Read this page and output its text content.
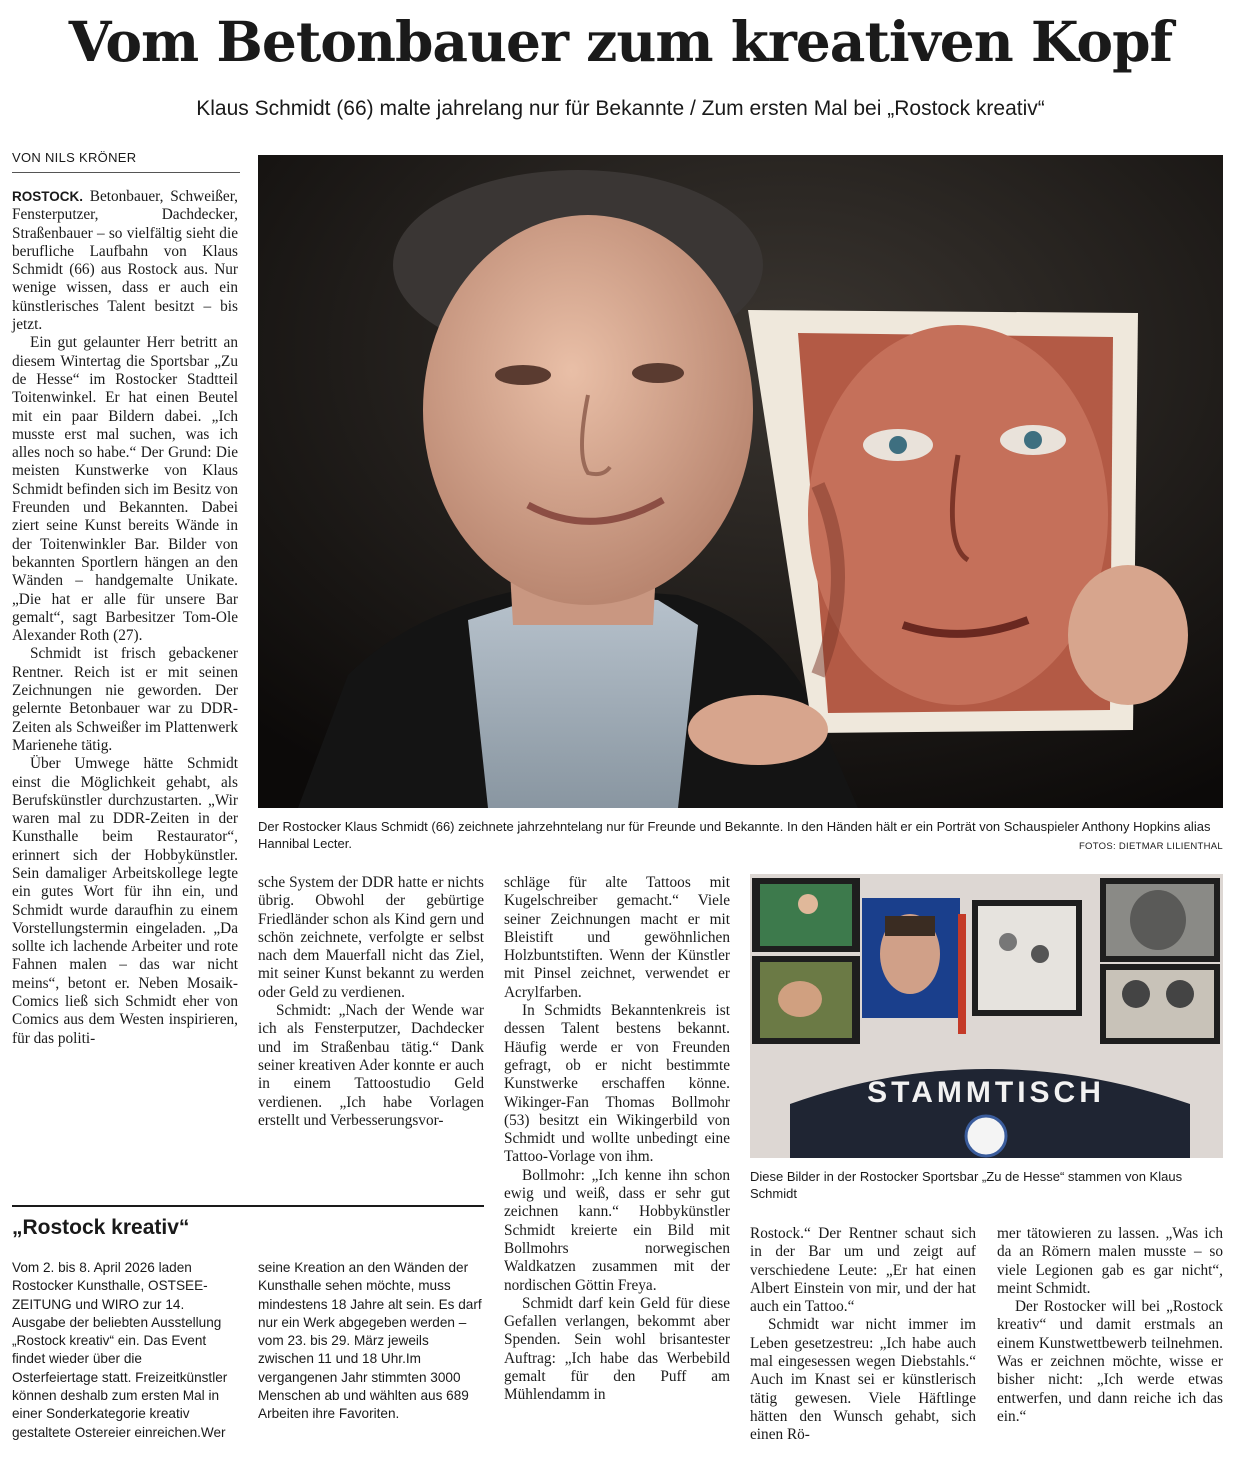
Vom Betonbauer zum kreativen Kopf
Klaus Schmidt (66) malte jahrelang nur für Bekannte / Zum ersten Mal bei „Rostock kreativ“
VON NILS KRÖNER

ROSTOCK. Betonbauer, Schweißer, Fensterputzer, Dachdecker, Straßenbauer – so vielfältig sieht die berufliche Laufbahn von Klaus Schmidt (66) aus Rostock aus. Nur wenige wissen, dass er auch ein künstlerisches Talent besitzt – bis jetzt.

Ein gut gelaunter Herr betritt an diesem Wintertag die Sportsbar „Zu de Hesse“ im Rostocker Stadtteil Toitenwinkel. Er hat einen Beutel mit ein paar Bildern dabei. „Ich musste erst mal suchen, was ich alles noch so habe.“ Der Grund: Die meisten Kunstwerke von Klaus Schmidt befinden sich im Besitz von Freunden und Bekannten. Dabei ziert seine Kunst bereits Wände in der Toitenwinkler Bar. Bilder von bekannten Sportlern hängen an den Wänden – handgemalte Unikate. „Die hat er alle für unsere Bar gemalt“, sagt Barbesitzer Tom-Ole Alexander Roth (27).

Schmidt ist frisch gebackener Rentner. Reich ist er mit seinen Zeichnungen nie geworden. Der gelernte Betonbauer war zu DDR-Zeiten als Schweißer im Plattenwerk Marienehe tätig.

Über Umwege hätte Schmidt einst die Möglichkeit gehabt, als Berufskünstler durchzustarten. „Wir waren mal zu DDR-Zeiten in der Kunsthalle beim Restaurator“, erinnert sich der Hobbykünstler. Sein damaliger Arbeitskollege legte ein gutes Wort für ihn ein, und Schmidt wurde daraufhin zu einem Vorstellungstermin eingeladen. „Da sollte ich lachende Arbeiter und rote Fahnen malen – das war nicht meins“, betont er. Neben Mosaik-Comics ließ sich Schmidt eher von Comics aus dem Westen inspirieren, für das politi-

Der Rostocker Klaus Schmidt (66) zeichnete jahrzehntelang nur für Freunde und Bekannte. In den Händen hält er ein Porträt von Schauspieler Anthony Hopkins alias Hannibal Lecter.	FOTOS: DIETMAR LILIENTHAL

sche System der DDR hatte er nichts übrig. Obwohl der gebürtige Friedländer schon als Kind gern und schön zeichnete, verfolgte er selbst nach dem Mauerfall nicht das Ziel, mit seiner Kunst bekannt zu werden oder Geld zu verdienen.

Schmidt: „Nach der Wende war ich als Fensterputzer, Dachdecker und im Straßenbau tätig.“ Dank seiner kreativen Ader konnte er auch in einem Tattoostudio Geld verdienen. „Ich habe Vorlagen erstellt und Verbesserungsvor-

schläge für alte Tattoos mit Kugelschreiber gemacht.“ Viele seiner Zeichnungen macht er mit Bleistift und gewöhnlichen Holzbuntstiften. Wenn der Künstler mit Pinsel zeichnet, verwendet er Acrylfarben.

In Schmidts Bekanntenkreis ist dessen Talent bestens bekannt. Häufig werde er von Freunden gefragt, ob er nicht bestimmte Kunstwerke erschaffen könne. Wikinger-Fan Thomas Bollmohr (53) besitzt ein Wikingerbild von Schmidt und wollte unbedingt eine Tattoo-Vorlage von ihm.

Bollmohr: „Ich kenne ihn schon ewig und weiß, dass er sehr gut zeichnen kann.“ Hobbykünstler Schmidt kreierte ein Bild mit Bollmohrs norwegischen Waldkatzen zusammen mit der nordischen Göttin Freya.

Schmidt darf kein Geld für diese Gefallen verlangen, bekommt aber Spenden. Sein wohl brisantester Auftrag: „Ich habe das Werbebild gemalt für den Puff am Mühlendamm in

STAMMTISCH
Diese Bilder in der Rostocker Sportsbar „Zu de Hesse“ stammen von Klaus Schmidt

Rostock.“ Der Rentner schaut sich in der Bar um und zeigt auf verschiedene Leute: „Er hat einen Albert Einstein von mir, und der hat auch ein Tattoo.“

Schmidt war nicht immer im Leben gesetzestreu: „Ich habe auch mal eingesessen wegen Diebstahls.“ Auch im Knast sei er künstlerisch tätig gewesen. Viele Häftlinge hätten den Wunsch gehabt, sich einen Rö-

mer tätowieren zu lassen. „Was ich da an Römern malen musste – so viele Legionen gab es gar nicht“, meint Schmidt.

Der Rostocker will bei „Rostock kreativ“ und damit erstmals an einem Kunstwettbewerb teilnehmen. Was er zeichnen möchte, wisse er bisher nicht: „Ich werde etwas entwerfen, und dann reiche ich das ein.“

„Rostock kreativ“

Vom 2. bis 8. April 2026 laden Rostocker Kunsthalle, OSTSEE-ZEITUNG und WIRO zur 14. Ausgabe der beliebten Ausstellung „Rostock kreativ“ ein. Das Event findet wieder über die Osterfeiertage statt. Freizeitkünstler können deshalb zum ersten Mal in einer Sonderkategorie kreativ gestaltete Ostereier einreichen.Wer

seine Kreation an den Wänden der Kunsthalle sehen möchte, muss mindestens 18 Jahre alt sein. Es darf nur ein Werk abgegeben werden – vom 23. bis 29. März jeweils zwischen 11 und 18 Uhr.Im vergangenen Jahr stimmten 3000 Menschen ab und wählten aus 689 Arbeiten ihre Favoriten.
